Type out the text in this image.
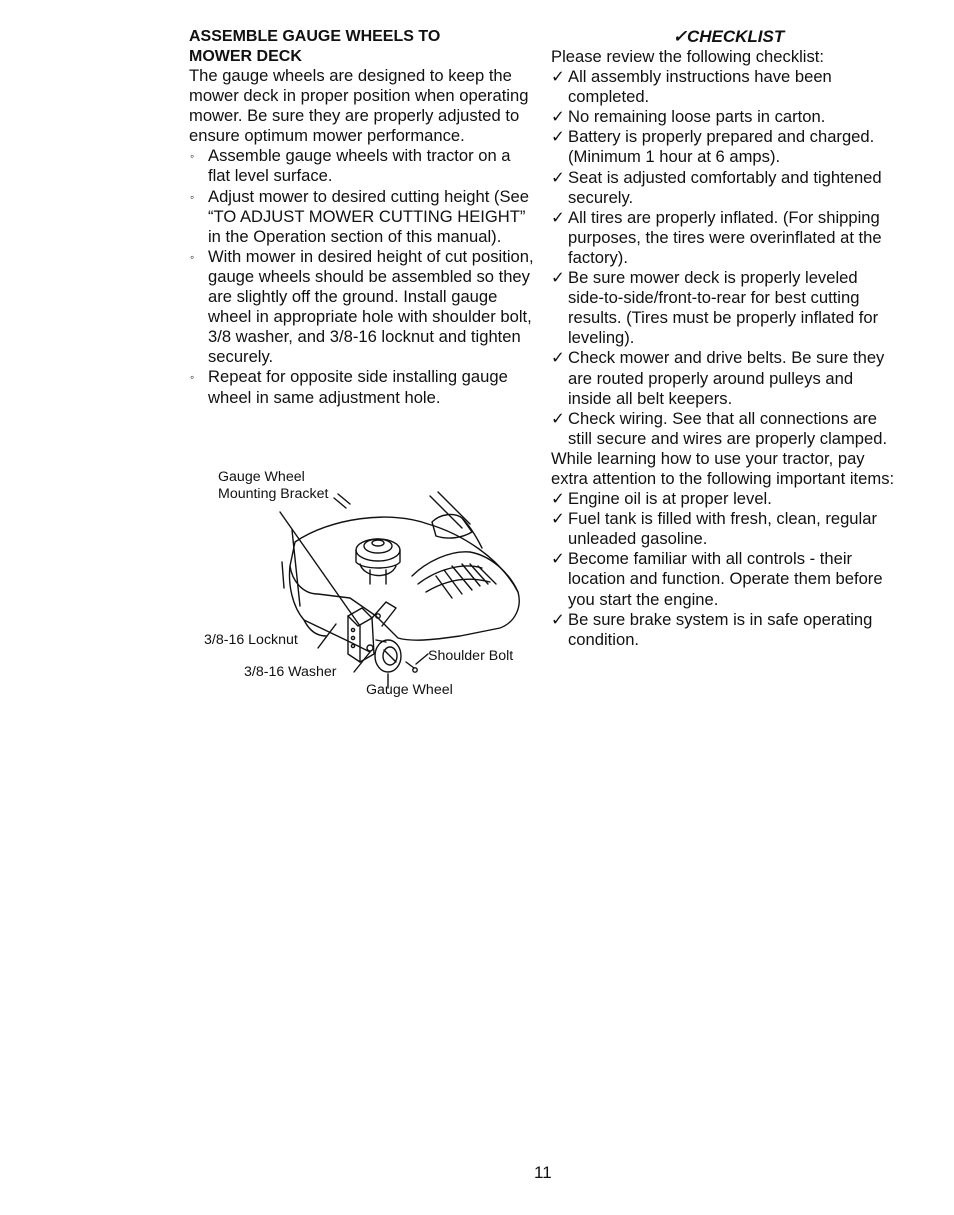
ASSEMBLE GAUGE WHEELS TO
MOWER DECK

The gauge wheels are designed to keep the mower deck in proper position when operating mower. Be sure they are properly adjusted to ensure optimum mower performance.

◦ Assemble gauge wheels with tractor on a flat level surface.
◦ Adjust mower to desired cutting height (See “TO ADJUST MOWER CUTTING HEIGHT” in the Operation section of this manual).
◦ With mower in desired height of cut position, gauge wheels should be assembled so they are slightly off the ground. Install gauge wheel in appropriate hole with shoulder bolt, 3/8 washer, and 3/8-16 locknut and tighten securely.
◦ Repeat for opposite side installing gauge wheel in same adjustment hole.
Gauge Wheel
Mounting Bracket
3/8-16 Locknut
3/8-16 Washer
Shoulder Bolt
Gauge Wheel
✓CHECKLIST

Please review the following checklist:

✓ All assembly instructions have been completed.
✓ No remaining loose parts in carton.
✓ Battery is properly prepared and charged. (Minimum 1 hour at 6 amps).
✓ Seat is adjusted comfortably and tightened securely.
✓ All tires are properly inflated. (For shipping purposes, the tires were overinflated at the factory).
✓ Be sure mower deck is properly leveled side-to-side/front-to-rear for best cutting results. (Tires must be properly inflated for leveling).
✓ Check mower and drive belts. Be sure they are routed properly around pulleys and inside all belt keepers.
✓ Check wiring. See that all connections are still secure and wires are properly clamped.

While learning how to use your tractor, pay extra attention to the following important items:

✓ Engine oil is at proper level.
✓ Fuel tank is filled with fresh, clean, regular unleaded gasoline.
✓ Become familiar with all controls - their location and function. Operate them before you start the engine.
✓ Be sure brake system is in safe operating condition.
11
